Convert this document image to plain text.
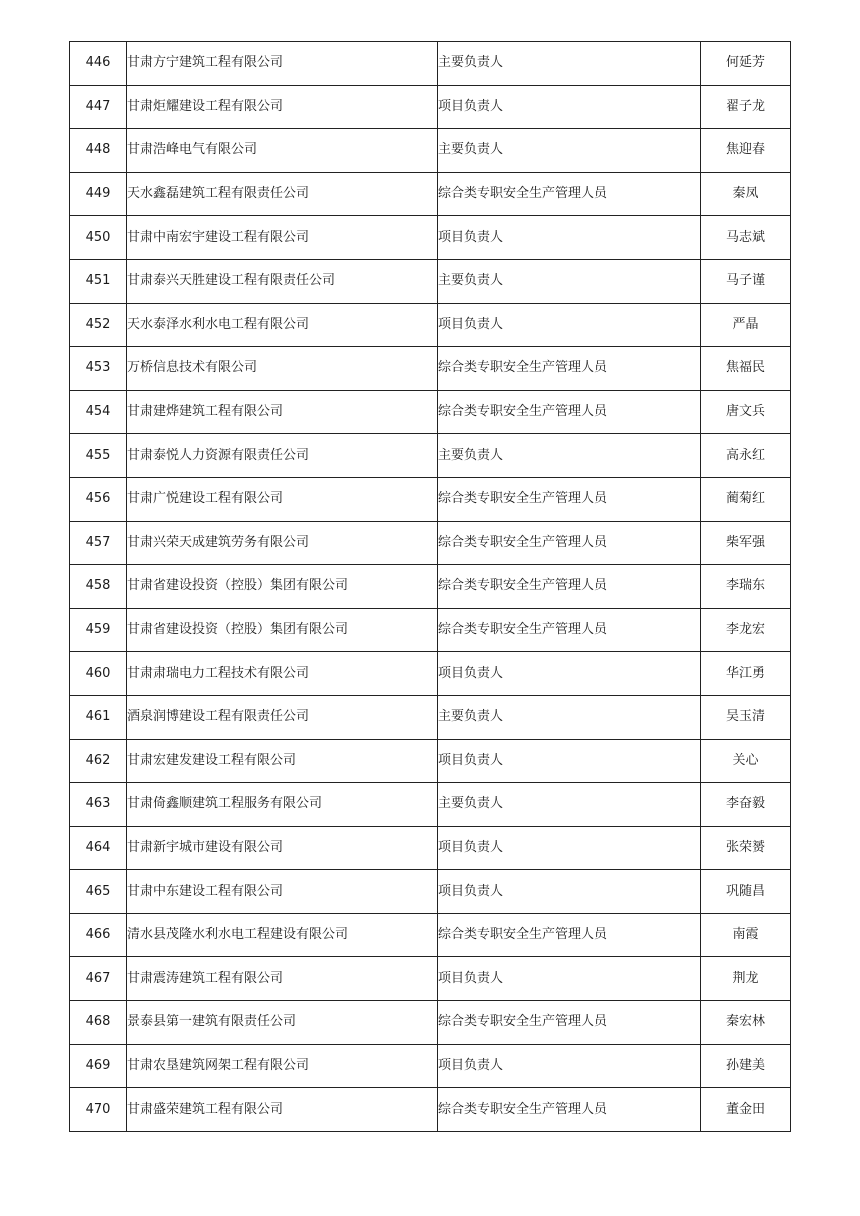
446	甘肃方宁建筑工程有限公司	主要负责人	何延芳
447	甘肃炬耀建设工程有限公司	项目负责人	翟子龙
448	甘肃浩峰电气有限公司	主要负责人	焦迎春
449	天水鑫磊建筑工程有限责任公司	综合类专职安全生产管理人员	秦凤
450	甘肃中南宏宇建设工程有限公司	项目负责人	马志斌
451	甘肃泰兴天胜建设工程有限责任公司	主要负责人	马子谨
452	天水泰泽水利水电工程有限公司	项目负责人	严晶
453	万桥信息技术有限公司	综合类专职安全生产管理人员	焦福民
454	甘肃建烨建筑工程有限公司	综合类专职安全生产管理人员	唐文兵
455	甘肃泰悦人力资源有限责任公司	主要负责人	高永红
456	甘肃广悦建设工程有限公司	综合类专职安全生产管理人员	蔺菊红
457	甘肃兴荣天成建筑劳务有限公司	综合类专职安全生产管理人员	柴军强
458	甘肃省建设投资（控股）集团有限公司	综合类专职安全生产管理人员	李瑞东
459	甘肃省建设投资（控股）集团有限公司	综合类专职安全生产管理人员	李龙宏
460	甘肃肃瑞电力工程技术有限公司	项目负责人	华江勇
461	酒泉润博建设工程有限责任公司	主要负责人	吴玉清
462	甘肃宏建发建设工程有限公司	项目负责人	关心
463	甘肃倚鑫顺建筑工程服务有限公司	主要负责人	李奋毅
464	甘肃新宇城市建设有限公司	项目负责人	张荣赟
465	甘肃中东建设工程有限公司	项目负责人	巩随昌
466	清水县茂隆水利水电工程建设有限公司	综合类专职安全生产管理人员	南霞
467	甘肃震涛建筑工程有限公司	项目负责人	荆龙
468	景泰县第一建筑有限责任公司	综合类专职安全生产管理人员	秦宏林
469	甘肃农垦建筑网架工程有限公司	项目负责人	孙建美
470	甘肃盛荣建筑工程有限公司	综合类专职安全生产管理人员	董金田
